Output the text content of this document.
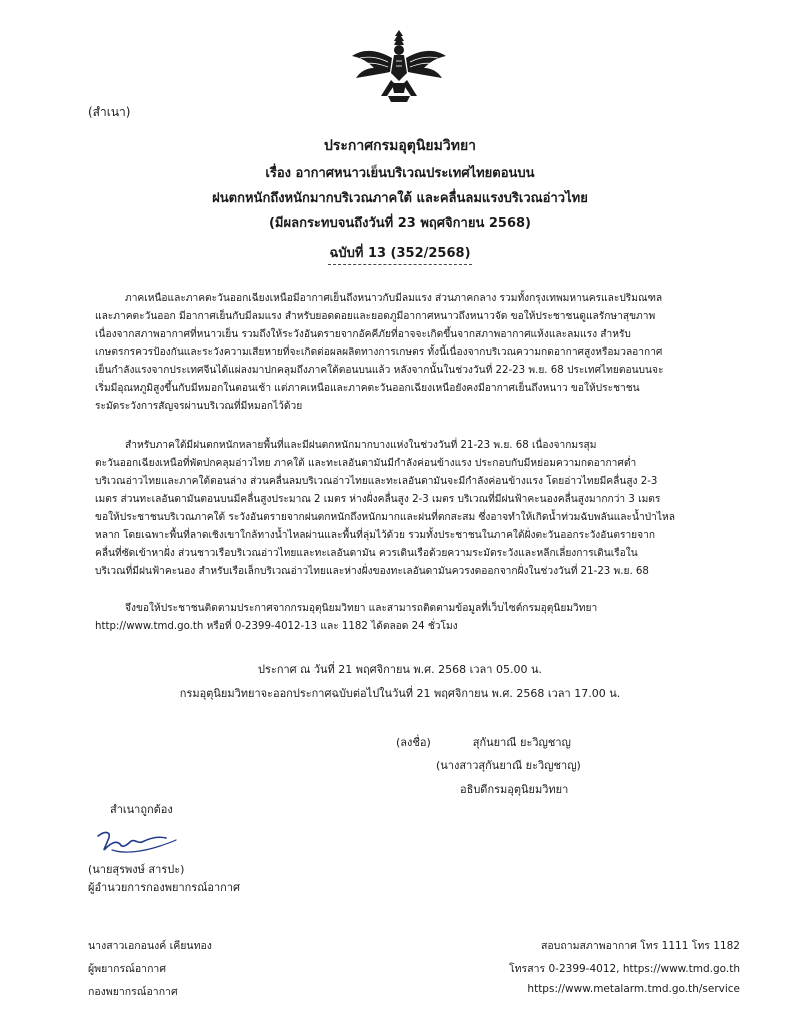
(สำเนา)
ประกาศกรมอุตุนิยมวิทยา
เรื่อง อากาศหนาวเย็นบริเวณประเทศไทยตอนบน
ฝนตกหนักถึงหนักมากบริเวณภาคใต้ และคลื่นลมแรงบริเวณอ่าวไทย
(มีผลกระทบจนถึงวันที่ 23 พฤศจิกายน 2568)
ฉบับที่ 13 (352/2568)
ภาคเหนือและภาคตะวันออกเฉียงเหนือมีอากาศเย็นถึงหนาวกับมีลมแรง ส่วนภาคกลาง รวมทั้งกรุงเทพมหานครและปริมณฑล
และภาคตะวันออก มีอากาศเย็นกับมีลมแรง สำหรับยอดดอยและยอดภูมีอากาศหนาวถึงหนาวจัด ขอให้ประชาชนดูแลรักษาสุขภาพ
เนื่องจากสภาพอากาศที่หนาวเย็น รวมถึงให้ระวังอันตรายจากอัคคีภัยที่อาจจะเกิดขึ้นจากสภาพอากาศแห้งและลมแรง สำหรับ
เกษตรกรควรป้องกันและระวังความเสียหายที่จะเกิดต่อผลผลิตทางการเกษตร ทั้งนี้เนื่องจากบริเวณความกดอากาศสูงหรือมวลอากาศ
เย็นกำลังแรงจากประเทศจีนได้แผ่ลงมาปกคลุมถึงภาคใต้ตอนบนแล้ว หลังจากนั้นในช่วงวันที่ 22-23 พ.ย. 68 ประเทศไทยตอนบนจะ
เริ่มมีอุณหภูมิสูงขึ้นกับมีหมอกในตอนเช้า แต่ภาคเหนือและภาคตะวันออกเฉียงเหนือยังคงมีอากาศเย็นถึงหนาว ขอให้ประชาชน
ระมัดระวังการสัญจรผ่านบริเวณที่มีหมอกไว้ด้วย
สำหรับภาคใต้มีฝนตกหนักหลายพื้นที่และมีฝนตกหนักมากบางแห่งในช่วงวันที่ 21-23 พ.ย. 68 เนื่องจากมรสุม
ตะวันออกเฉียงเหนือที่พัดปกคลุมอ่าวไทย ภาคใต้ และทะเลอันดามันมีกำลังค่อนข้างแรง ประกอบกับมีหย่อมความกดอากาศต่ำ
บริเวณอ่าวไทยและภาคใต้ตอนล่าง ส่วนคลื่นลมบริเวณอ่าวไทยและทะเลอันดามันจะมีกำลังค่อนข้างแรง โดยอ่าวไทยมีคลื่นสูง 2-3
เมตร ส่วนทะเลอันดามันตอนบนมีคลื่นสูงประมาณ 2 เมตร ห่างฝั่งคลื่นสูง 2-3 เมตร บริเวณที่มีฝนฟ้าคะนองคลื่นสูงมากกว่า 3 เมตร
ขอให้ประชาชนบริเวณภาคใต้ ระวังอันตรายจากฝนตกหนักถึงหนักมากและฝนที่ตกสะสม ซึ่งอาจทำให้เกิดน้ำท่วมฉับพลันและน้ำป่าไหล
หลาก โดยเฉพาะพื้นที่ลาดเชิงเขาใกล้ทางน้ำไหลผ่านและพื้นที่ลุ่มไว้ด้วย รวมทั้งประชาชนในภาคใต้ฝั่งตะวันออกระวังอันตรายจาก
คลื่นที่ซัดเข้าหาฝั่ง ส่วนชาวเรือบริเวณอ่าวไทยและทะเลอันดามัน ควรเดินเรือด้วยความระมัดระวังและหลีกเลี่ยงการเดินเรือใน
บริเวณที่มีฝนฟ้าคะนอง สำหรับเรือเล็กบริเวณอ่าวไทยและห่างฝั่งของทะเลอันดามันควรงดออกจากฝั่งในช่วงวันที่ 21-23 พ.ย. 68
จึงขอให้ประชาชนติดตามประกาศจากกรมอุตุนิยมวิทยา และสามารถติดตามข้อมูลที่เว็บไซต์กรมอุตุนิยมวิทยา
http://www.tmd.go.th หรือที่ 0-2399-4012-13 และ 1182 ได้ตลอด 24 ชั่วโมง
ประกาศ ณ วันที่ 21 พฤศจิกายน พ.ศ. 2568 เวลา 05.00 น.
กรมอุตุนิยมวิทยาจะออกประกาศฉบับต่อไปในวันที่ 21 พฤศจิกายน พ.ศ. 2568 เวลา 17.00 น.
(ลงชื่อ)	สุกันยาณี ยะวิญชาญ
(นางสาวสุกันยาณี ยะวิญชาญ)
อธิบดีกรมอุตุนิยมวิทยา
สำเนาถูกต้อง
(นายสุรพงษ์ สารปะ)
ผู้อำนวยการกองพยากรณ์อากาศ
นางสาวเอกอนงค์ เคียนทอง
ผู้พยากรณ์อากาศ
กองพยากรณ์อากาศ
สอบถามสภาพอากาศ โทร 1111 โทร 1182
โทรสาร 0-2399-4012, https://www.tmd.go.th
https://www.metalarm.tmd.go.th/service
